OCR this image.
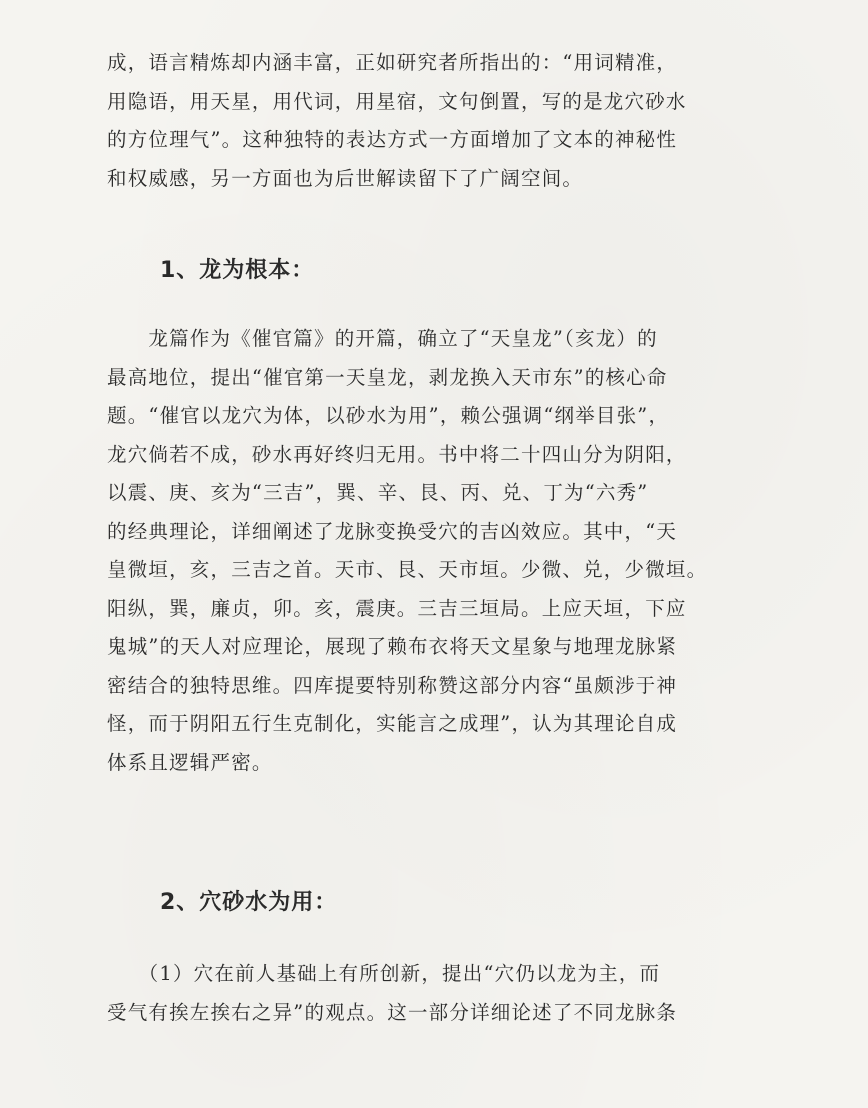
成，语言精炼却内涵丰富，正如研究者所指出的：“用词精准，

用隐语，用天星，用代词，用星宿，文句倒置，写的是龙穴砂水

的方位理气”。这种独特的表达方式一方面增加了文本的神秘性

和权威感，另一方面也为后世解读留下了广阔空间。

1、龙为根本：

　　龙篇作为《催官篇》的开篇，确立了“天皇龙”（亥龙）的

最高地位，提出“催官第一天皇龙，剥龙换入天市东”的核心命

题。“催官以龙穴为体，以砂水为用”，赖公强调“纲举目张”，

龙穴倘若不成，砂水再好终归无用。书中将二十四山分为阴阳，

以震、庚、亥为“三吉”，巽、辛、艮、丙、兑、丁为“六秀”

的经典理论，详细阐述了龙脉变换受穴的吉凶效应。其中，“天

皇微垣，亥，三吉之首。天市、艮、天市垣。少微、兑，少微垣。

阳纵，巽，廉贞，卯。亥，震庚。三吉三垣局。上应天垣，下应

鬼城”的天人对应理论，展现了赖布衣将天文星象与地理龙脉紧

密结合的独特思维。四库提要特别称赞这部分内容“虽颇涉于神

怪，而于阴阳五行生克制化，实能言之成理”，认为其理论自成

体系且逻辑严密。

2、穴砂水为用：

　　（1）穴在前人基础上有所创新，提出“穴仍以龙为主，而

受气有挨左挨右之异”的观点。这一部分详细论述了不同龙脉条
